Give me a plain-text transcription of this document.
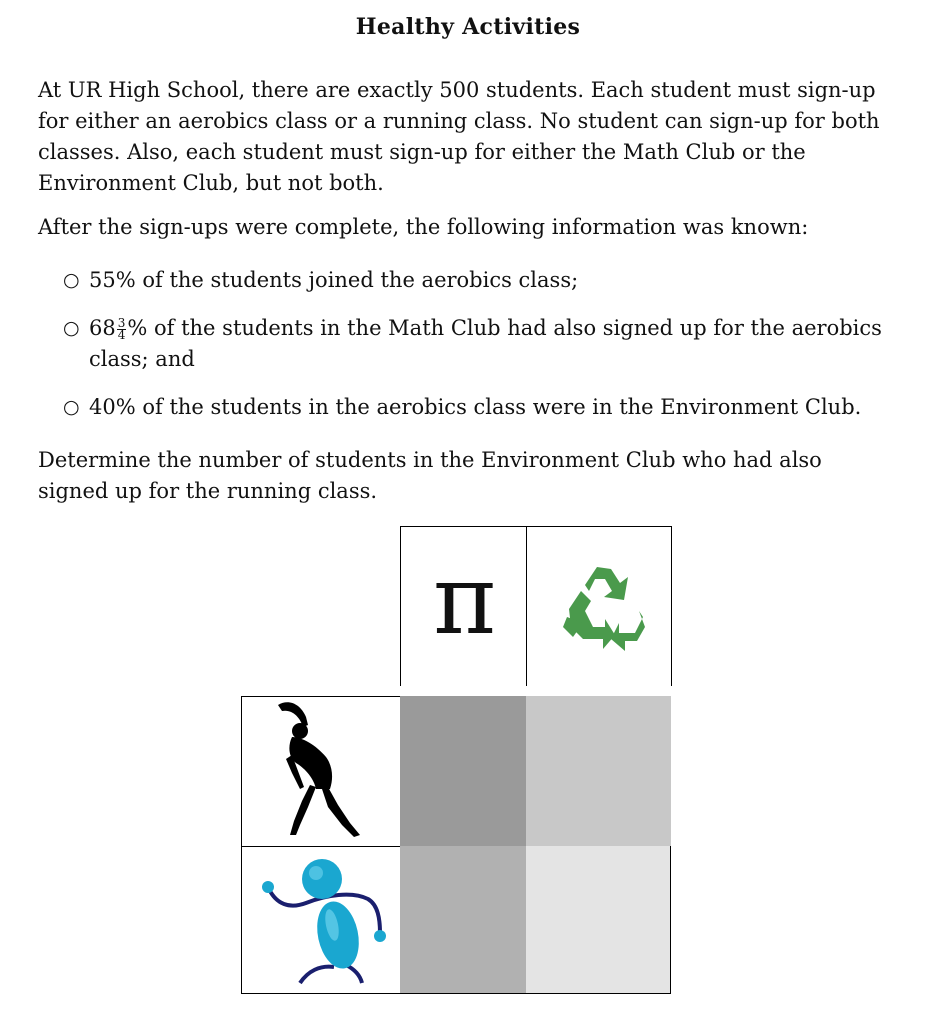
Healthy Activities

At UR High School, there are exactly 500 students. Each student must sign-up for either an aerobics class or a running class. No student can sign-up for both classes. Also, each student must sign-up for either the Math Club or the Environment Club, but not both.

After the sign-ups were complete, the following information was known:

○ 55% of the students joined the aerobics class;
○ $68 \frac{3}{4}$ % of the students in the Math Club had also signed up for the aerobics class; and
○ 40% of the students in the aerobics class were in the Environment Club.

Determine the number of students in the Environment Club who had also signed up for the running class.

π
